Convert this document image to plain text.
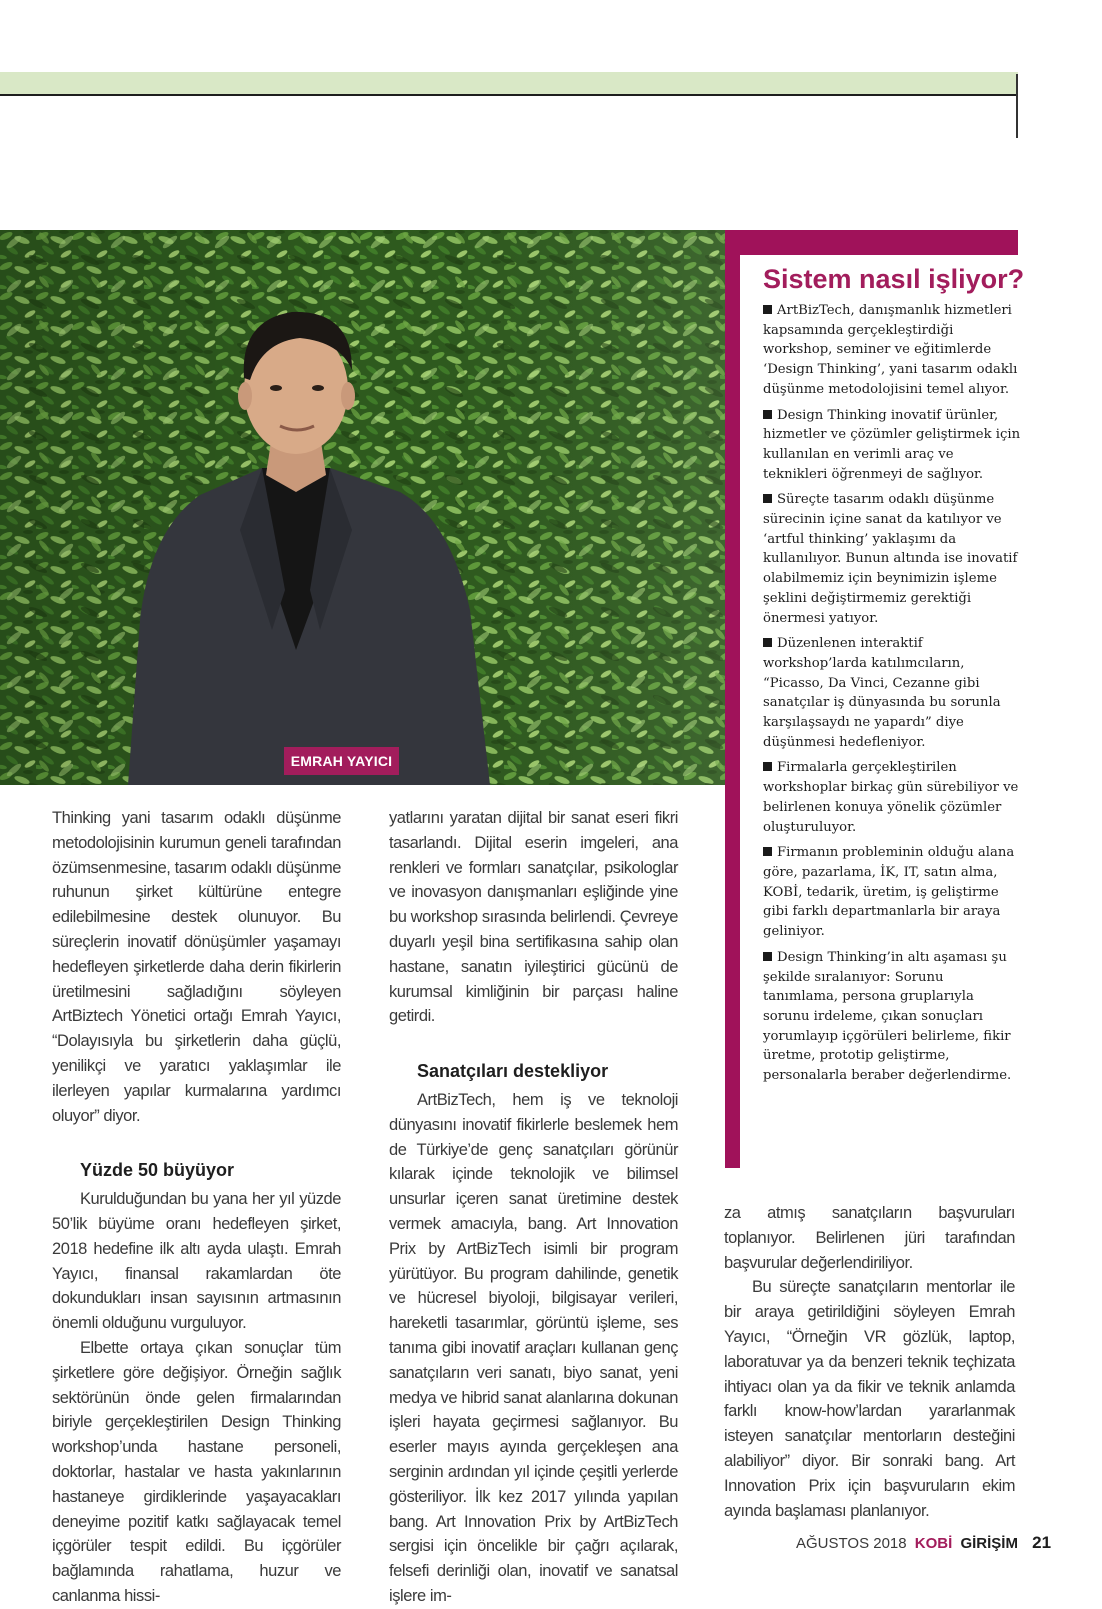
EMRAH YAYICI
Sistem nasıl işliyor?

ArtBizTech, danışmanlık hizmetleri kapsamında gerçekleştirdiği workshop, seminer ve eğitimlerde ‘Design Thinking’, yani tasarım odaklı düşünme metodolojisini temel alıyor.

Design Thinking inovatif ürünler, hizmetler ve çözümler geliştirmek için kullanılan en verimli araç ve teknikleri öğrenmeyi de sağlıyor.

Süreçte tasarım odaklı düşünme sürecinin içine sanat da katılıyor ve ‘artful thinking’ yaklaşımı da kullanılıyor. Bunun altında ise inovatif olabilmemiz için beynimizin işleme şeklini değiştirmemiz gerektiği önermesi yatıyor.

Düzenlenen interaktif workshop’larda katılımcıların, “Picasso, Da Vinci, Cezanne gibi sanatçılar iş dünyasında bu sorunla karşılaşsaydı ne yapardı” diye düşünmesi hedefleniyor.

Firmalarla gerçekleştirilen workshoplar birkaç gün sürebiliyor ve belirlenen konuya yönelik çözümler oluşturuluyor.

Firmanın probleminin olduğu alana göre, pazarlama, İK, IT, satın alma, KOBİ, tedarik, üretim, iş geliştirme gibi farklı departmanlarla bir araya geliniyor.

Design Thinking’in altı aşaması şu şekilde sıralanıyor: Sorunu tanımlama, persona gruplarıyla sorunu irdeleme, çıkan sonuçları yorumlayıp içgörüleri belirleme, fikir üretme, prototip geliştirme, personalarla beraber değerlendirme.

Thinking yani tasarım odaklı düşünme metodolojisinin kurumun geneli tarafından özümsenmesine, tasarım odaklı düşünme ruhunun şirket kültürüne entegre edilebilmesine destek olunuyor. Bu süreçlerin inovatif dönüşümler yaşamayı hedefleyen şirketlerde daha derin fikirlerin üretilmesini sağladığını söyleyen ArtBiztech Yönetici ortağı Emrah Yayıcı, “Dolayısıyla bu şirketlerin daha güçlü, yenilikçi ve yaratıcı yaklaşımlar ile ilerleyen yapılar kurmalarına yardımcı oluyor” diyor.

Yüzde 50 büyüyor

Kurulduğundan bu yana her yıl yüzde 50’lik büyüme oranı hedefleyen şirket, 2018 hedefine ilk altı ayda ulaştı. Emrah Yayıcı, finansal rakamlardan öte dokundukları insan sayısının artmasının önemli olduğunu vurguluyor.

Elbette ortaya çıkan sonuçlar tüm şirketlere göre değişiyor. Örneğin sağlık sektörünün önde gelen firmalarından biriyle gerçekleştirilen Design Thinking workshop’unda hastane personeli, doktorlar, hastalar ve hasta yakınlarının hastaneye girdiklerinde yaşayacakları deneyime pozitif katkı sağlayacak temel içgörüler tespit edildi. Bu içgörüler bağlamında rahatlama, huzur ve canlanma hissi-

yatlarını yaratan dijital bir sanat eseri fikri tasarlandı. Dijital eserin imgeleri, ana renkleri ve formları sanatçılar, psikologlar ve inovasyon danışmanları eşliğinde yine bu workshop sırasında belirlendi. Çevreye duyarlı yeşil bina sertifikasına sahip olan hastane, sanatın iyileştirici gücünü de kurumsal kimliğinin bir parçası haline getirdi.

Sanatçıları destekliyor

ArtBizTech, hem iş ve teknoloji dünyasını inovatif fikirlerle beslemek hem de Türkiye’de genç sanatçıları görünür kılarak içinde teknolojik ve bilimsel unsurlar içeren sanat üretimine destek vermek amacıyla, bang. Art Innovation Prix by ArtBizTech isimli bir program yürütüyor. Bu program dahilinde, genetik ve hücresel biyoloji, bilgisayar verileri, hareketli tasarımlar, görüntü işleme, ses tanıma gibi inovatif araçları kullanan genç sanatçıların veri sanatı, biyo sanat, yeni medya ve hibrid sanat alanlarına dokunan işleri hayata geçirmesi sağlanıyor. Bu eserler mayıs ayında gerçekleşen ana serginin ardından yıl içinde çeşitli yerlerde gösteriliyor. İlk kez 2017 yılında yapılan bang. Art Innovation Prix by ArtBizTech sergisi için öncelikle bir çağrı açılarak, felsefi derinliği olan, inovatif ve sanatsal işlere im-

za atmış sanatçıların başvuruları toplanıyor. Belirlenen jüri tarafından başvurular değerlendiriliyor.

Bu süreçte sanatçıların mentorlar ile bir araya getirildiğini söyleyen Emrah Yayıcı, “Örneğin VR gözlük, laptop, laboratuvar ya da benzeri teknik teçhizata ihtiyacı olan ya da fikir ve teknik anlamda farklı know-how’lardan yararlanmak isteyen sanatçılar mentorların desteğini alabiliyor” diyor. Bir sonraki bang. Art Innovation Prix için başvuruların ekim ayında başlaması planlanıyor.

AĞUSTOS 2018 KOBİ GİRİŞİM 21
